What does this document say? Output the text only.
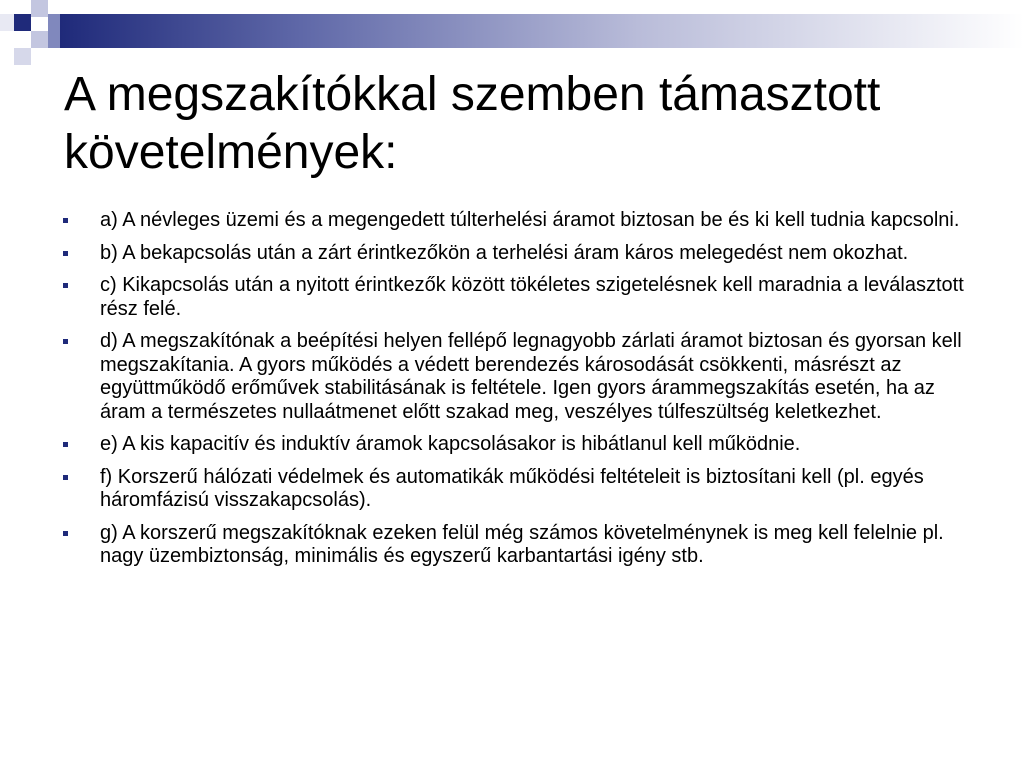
A megszakítókkal szemben támasztott követelmények:
a) A névleges üzemi és a megengedett túlterhelési áramot biztosan be és ki kell tudnia kapcsolni.
b) A bekapcsolás után a zárt érintkezőkön a terhelési áram káros melegedést nem okozhat.
c) Kikapcsolás után a nyitott érintkezők között tökéletes szigetelésnek kell maradnia a leválasztott rész felé.
d) A megszakítónak a beépítési helyen fellépő legnagyobb zárlati áramot biztosan és gyorsan kell megszakítania. A gyors működés a védett berendezés károsodását csökkenti, másrészt az együttműködő erőművek stabilitásának is feltétele. Igen gyors árammegszakítás esetén, ha az áram a természetes nullaátmenet előtt szakad meg, veszélyes túlfeszültség keletkezhet.
e) A kis kapacitív és induktív áramok kapcsolásakor is hibátlanul kell működnie.
f) Korszerű hálózati védelmek és automatikák működési feltételeit is biztosítani kell (pl. egyés háromfázisú visszakapcsolás).
g) A korszerű megszakítóknak ezeken felül még számos követelménynek is meg kell felelnie pl. nagy üzembiztonság, minimális és egyszerű karbantartási igény stb.
